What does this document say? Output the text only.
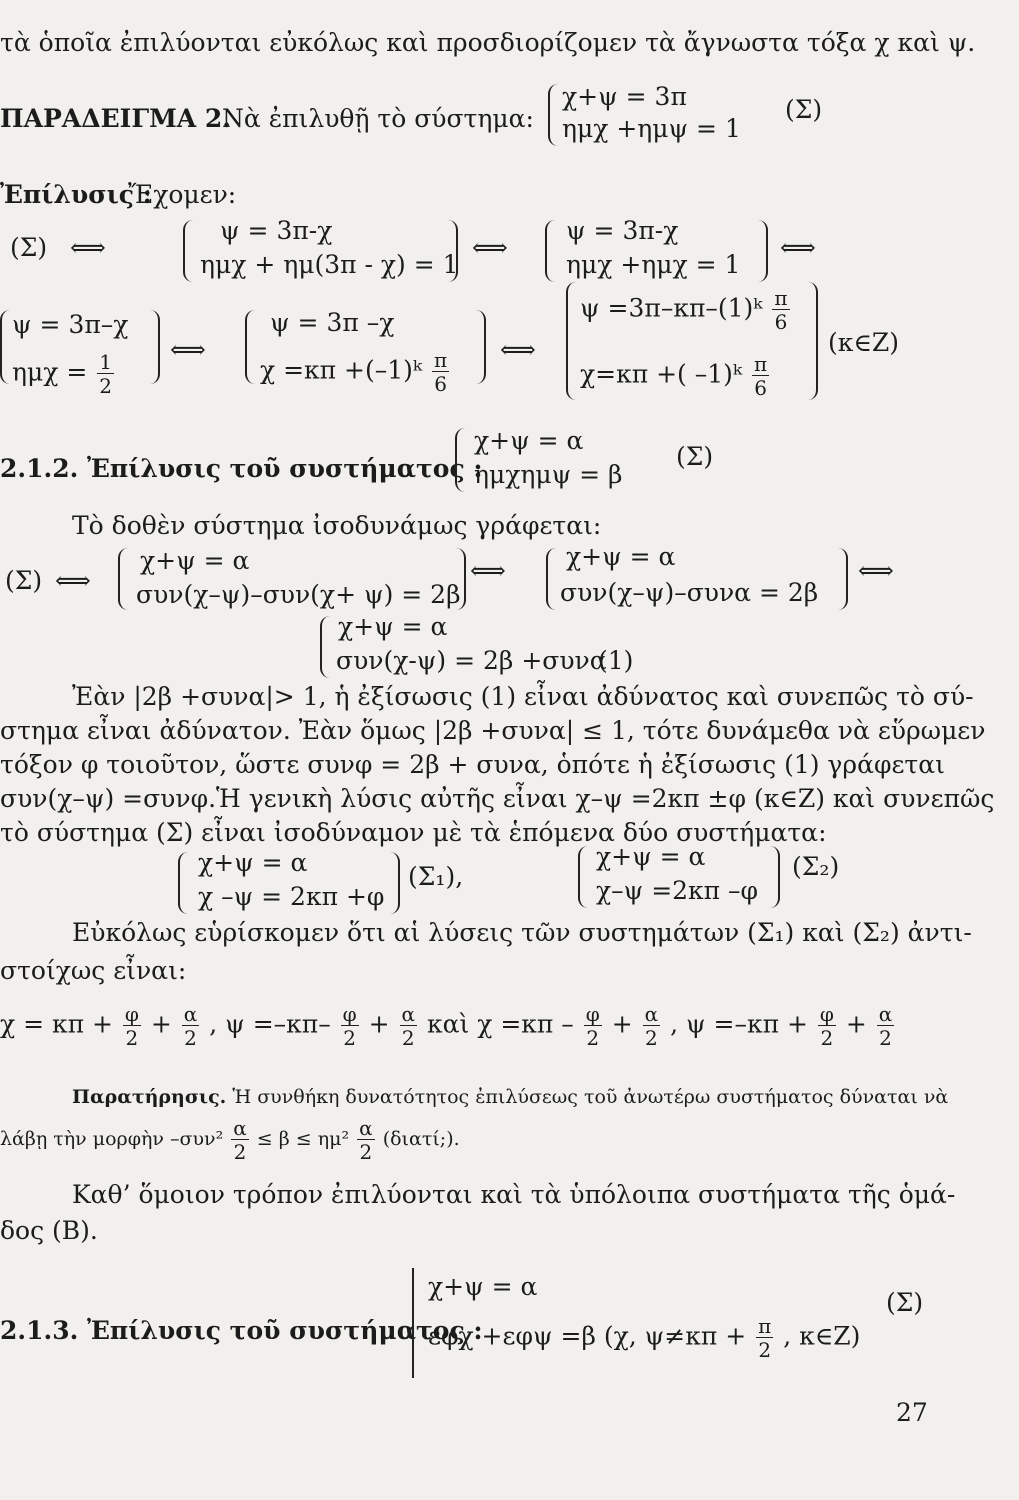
τὰ ὁποῖα ἐπιλύονται εὐκόλως καὶ προσδιορίζομεν τὰ ἄγνωστα τόξα χ καὶ ψ.
ΠΑΡΑΔΕΙΓΜΑ 2.
Νὰ ἐπιλυθῇ τὸ σύστημα:
χ+ψ = 3π
ημχ +ημψ = 1
(Σ)
Ἐπίλυσις :
Ἔχομεν:
(Σ) ⟺
ψ = 3π-χ
ημχ + ημ(3π - χ) = 1
⟺
ψ = 3π-χ
ημχ +ημχ = 1
⟺
ψ = 3π–χ
$\eta\mu\chi = \frac{1}{2}$
⟺
ψ = 3π –χ
χ =κπ +(–1)ᵏ $\frac{\pi}{6}$
⟺
ψ =3π–κπ–(1)ᵏ $\frac{\pi}{6}$
χ=κπ +( –1)ᵏ $\frac{\pi}{6}$
(κ∈Z)
2.1.2. Ἐπίλυσις τοῦ συστήματος :
χ+ψ = α
ημχημψ = β
(Σ)
Τὸ δοθὲν σύστημα ἰσοδυνάμως γράφεται:
(Σ) ⟺
χ+ψ = α
συν(χ–ψ)–συν(χ+ ψ) = 2β
⟺ χ+ψ = α
συν(χ–ψ)–συνα = 2β
⟺
χ+ψ = α
συν(χ-ψ) = 2β +συνα
(1)
Ἐὰν |2β +συνα|> 1, ἡ ἐξίσωσις (1) εἶναι ἀδύνατος καὶ συνεπῶς τὸ σύ-
στημα εἶναι ἀδύνατον. Ἐὰν ὅμως |2β +συνα| ≤ 1, τότε δυνάμεθα νὰ εὕρωμεν
τόξον φ τοιοῦτον, ὥστε συνφ = 2β + συνα, ὁπότε ἡ ἐξίσωσις (1) γράφεται
συν(χ–ψ) =συνφ.Ἡ γενικὴ λύσις αὐτῆς εἶναι χ–ψ =2κπ ±φ (κ∈Z) καὶ συνεπῶς
τὸ σύστημα (Σ) εἶναι ἰσοδύναμον μὲ τὰ ἑπόμενα δύο συστήματα:
χ+ψ = α
χ –ψ = 2κπ +φ
(Σ₁),
χ+ψ = α
χ–ψ =2κπ –φ
(Σ₂)
Εὐκόλως εὑρίσκομεν ὅτι αἱ λύσεις τῶν συστημάτων (Σ₁) καὶ (Σ₂) ἀντι-
στοίχως εἶναι:
$\chi = \kappa\pi + \frac{\varphi}{2} + \frac{\alpha}{2}$ , $\psi =-\kappa\pi- \frac{\varphi}{2} + \frac{\alpha}{2}$ καὶ $\chi =\kappa\pi - \frac{\varphi}{2} + \frac{\alpha}{2}$ , $\psi =-\kappa\pi + \frac{\varphi}{2} + \frac{\alpha}{2}$
Παρατήρησις. Ἡ συνθήκη δυνατότητος ἐπιλύσεως τοῦ ἀνωτέρω συστήματος δύναται νὰ
λάβῃ τὴν μορφὴν $-\sigma\upsilon\nu^2 \frac{\alpha}{2} \le \beta \le \eta\mu^2 \frac{\alpha}{2}$ (διατί;).
Καθ’ ὅμοιον τρόπον ἐπιλύονται καὶ τὰ ὑπόλοιπα συστήματα τῆς ὁμά-
δος (Β).
2.1.3. Ἐπίλυσις τοῦ συστήματος :
χ+ψ = α
εφχ +εφψ =β (χ, $\psi\ne\kappa\pi + \frac{\pi}{2}$ , κ∈Z)
(Σ)
27
